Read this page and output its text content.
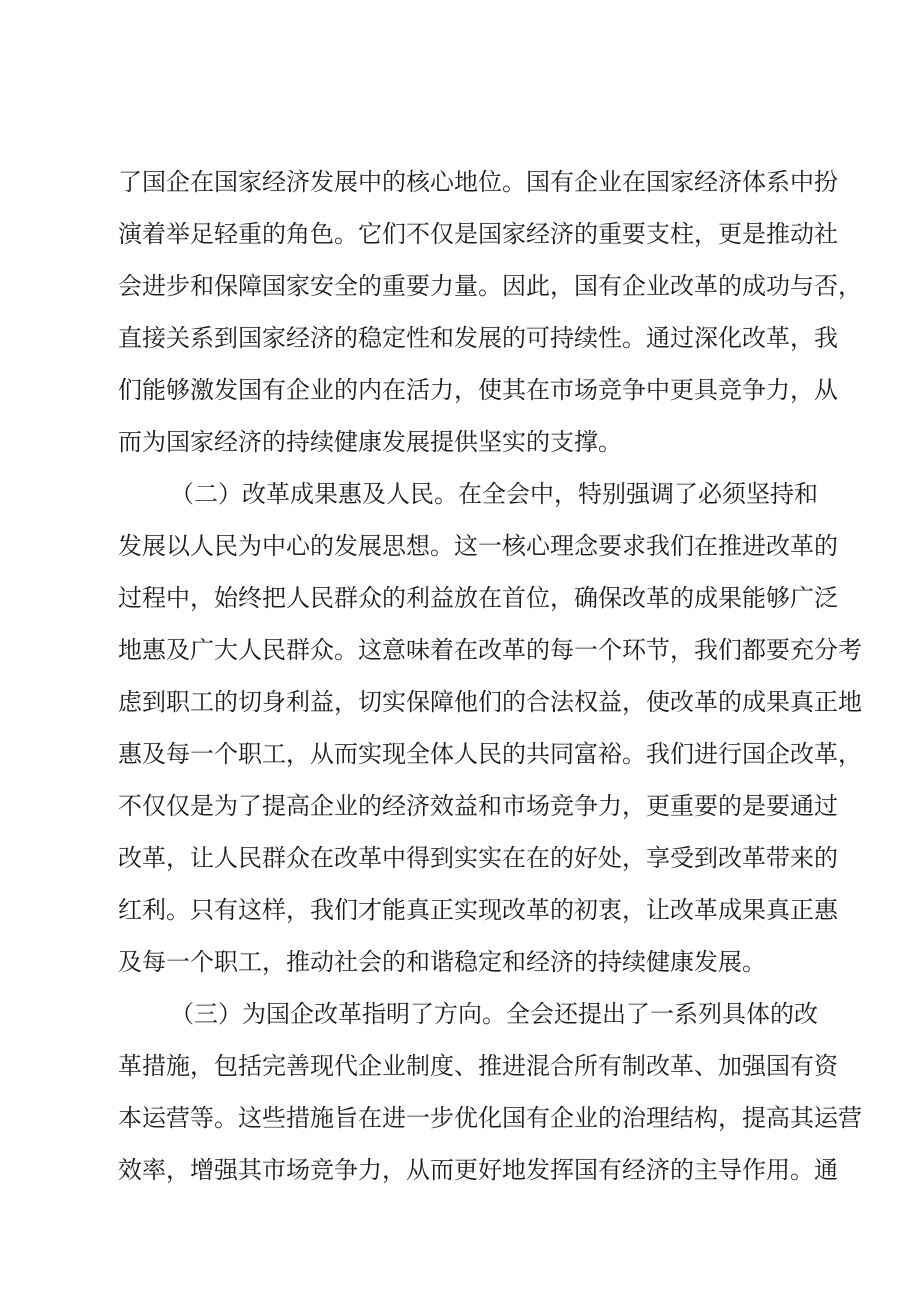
了国企在国家经济发展中的核心地位。国有企业在国家经济体系中扮

演着举足轻重的角色。它们不仅是国家经济的重要支柱，更是推动社

会进步和保障国家安全的重要力量。因此，国有企业改革的成功与否，

直接关系到国家经济的稳定性和发展的可持续性。通过深化改革，我

们能够激发国有企业的内在活力，使其在市场竞争中更具竞争力，从

而为国家经济的持续健康发展提供坚实的支撑。

（二）改革成果惠及人民。在全会中，特别强调了必须坚持和

发展以人民为中心的发展思想。这一核心理念要求我们在推进改革的

过程中，始终把人民群众的利益放在首位，确保改革的成果能够广泛

地惠及广大人民群众。这意味着在改革的每一个环节，我们都要充分考

虑到职工的切身利益，切实保障他们的合法权益，使改革的成果真正地

惠及每一个职工，从而实现全体人民的共同富裕。我们进行国企改革，

不仅仅是为了提高企业的经济效益和市场竞争力，更重要的是要通过

改革，让人民群众在改革中得到实实在在的好处，享受到改革带来的

红利。只有这样，我们才能真正实现改革的初衷，让改革成果真正惠

及每一个职工，推动社会的和谐稳定和经济的持续健康发展。

（三）为国企改革指明了方向。全会还提出了一系列具体的改

革措施，包括完善现代企业制度、推进混合所有制改革、加强国有资

本运营等。这些措施旨在进一步优化国有企业的治理结构，提高其运营

效率，增强其市场竞争力，从而更好地发挥国有经济的主导作用。通
